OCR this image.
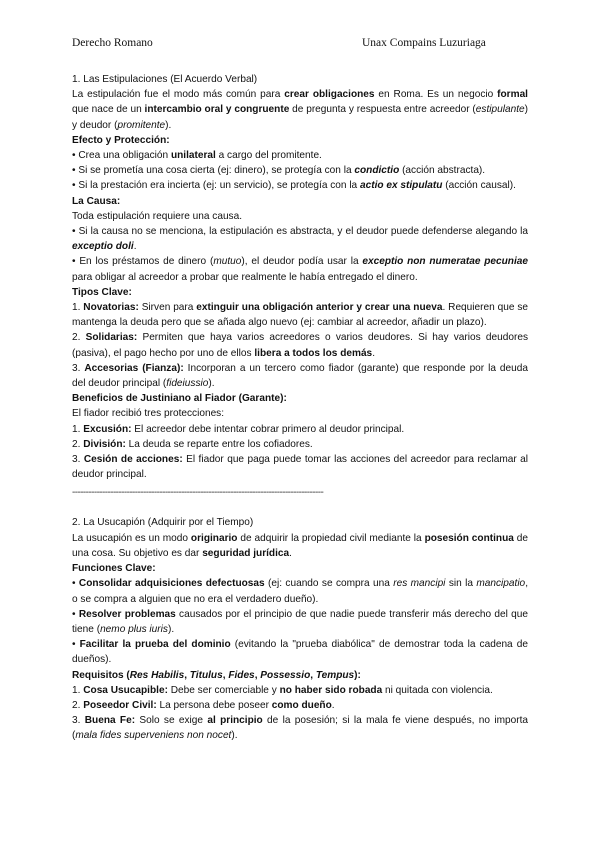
Derecho Romano	Unax Compains Luzuriaga

1. Las Estipulaciones (El Acuerdo Verbal)

La estipulación fue el modo más común para crear obligaciones en Roma. Es un negocio formal que nace de un intercambio oral y congruente de pregunta y respuesta entre acreedor (estipulante) y deudor (promitente).

Efecto y Protección:

• Crea una obligación unilateral a cargo del promitente.

• Si se prometía una cosa cierta (ej: dinero), se protegía con la condictio (acción abstracta).

• Si la prestación era incierta (ej: un servicio), se protegía con la actio ex stipulatu (acción causal).

La Causa:

Toda estipulación requiere una causa.

• Si la causa no se menciona, la estipulación es abstracta, y el deudor puede defenderse alegando la exceptio doli.

• En los préstamos de dinero (mutuo), el deudor podía usar la exceptio non numeratae pecuniae para obligar al acreedor a probar que realmente le había entregado el dinero.

Tipos Clave:

1. Novatorias: Sirven para extinguir una obligación anterior y crear una nueva. Requieren que se mantenga la deuda pero que se añada algo nuevo (ej: cambiar al acreedor, añadir un plazo).

2. Solidarias: Permiten que haya varios acreedores o varios deudores. Si hay varios deudores (pasiva), el pago hecho por uno de ellos libera a todos los demás.

3. Accesorias (Fianza): Incorporan a un tercero como fiador (garante) que responde por la deuda del deudor principal (fideiussio).

Beneficios de Justiniano al Fiador (Garante):

El fiador recibió tres protecciones:

1. Excusión: El acreedor debe intentar cobrar primero al deudor principal.

2. División: La deuda se reparte entre los cofiadores.

3. Cesión de acciones: El fiador que paga puede tomar las acciones del acreedor para reclamar al deudor principal.

--------------------------------------------------------------------------------------------

2. La Usucapión (Adquirir por el Tiempo)

La usucapión es un modo originario de adquirir la propiedad civil mediante la posesión continua de una cosa. Su objetivo es dar seguridad jurídica.

Funciones Clave:

• Consolidar adquisiciones defectuosas (ej: cuando se compra una res mancipi sin la mancipatio, o se compra a alguien que no era el verdadero dueño).

• Resolver problemas causados por el principio de que nadie puede transferir más derecho del que tiene (nemo plus iuris).

• Facilitar la prueba del dominio (evitando la "prueba diabólica" de demostrar toda la cadena de dueños).

Requisitos (Res Habilis, Titulus, Fides, Possessio, Tempus):

1. Cosa Usucapible: Debe ser comerciable y no haber sido robada ni quitada con violencia.

2. Poseedor Civil: La persona debe poseer como dueño.

3. Buena Fe: Solo se exige al principio de la posesión; si la mala fe viene después, no importa (mala fides superveniens non nocet).
